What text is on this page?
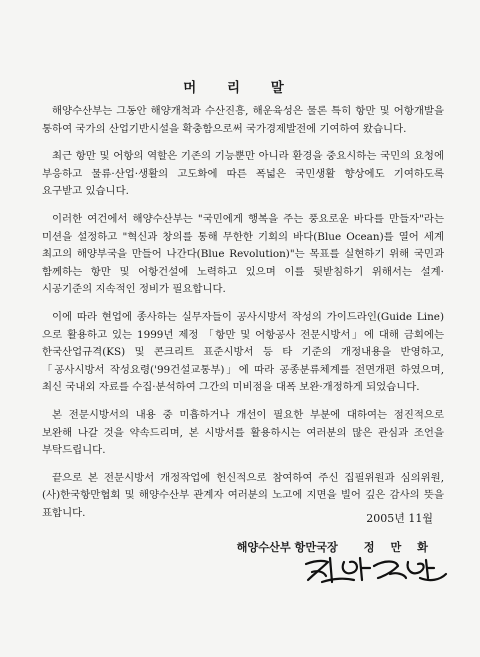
머 리 말

해양수산부는 그동안 해양개척과 수산진흥, 해운육성은 물론 특히 항만 및 어항개발을 통하여 국가의 산업기반시설을 확충함으로써 국가경제발전에 기여하여 왔습니다.

최근 항만 및 어항의 역할은 기존의 기능뿐만 아니라 환경을 중요시하는 국민의 요청에 부응하고 물류·산업·생활의 고도화에 따른 폭넓은 국민생활 향상에도 기여하도록 요구받고 있습니다.

이러한 여건에서 해양수산부는 "국민에게 행복을 주는 풍요로운 바다를 만들자"라는 미션을 설정하고 "혁신과 창의를 통해 무한한 기회의 바다(Blue Ocean)를 열어 세계 최고의 해양부국을 만들어 나간다(Blue Revolution)"는 목표를 실현하기 위해 국민과 함께하는 항만 및 어항건설에 노력하고 있으며 이를 뒷받침하기 위해서는 설계·시공기준의 지속적인 정비가 필요합니다.

이에 따라 현업에 종사하는 실무자들이 공사시방서 작성의 가이드라인(Guide Line)으로 활용하고 있는 1999년 제정 「항만 및 어항공사 전문시방서」에 대해 금회에는 한국산업규격(KS) 및 콘크리트 표준시방서 등 타 기준의 개정내용을 반영하고, 「공사시방서 작성요령('99건설교통부)」에 따라 공종분류체계를 전면개편 하였으며, 최신 국내외 자료를 수집·분석하여 그간의 미비점을 대폭 보완·개정하게 되었습니다.

본 전문시방서의 내용 중 미흡하거나 개선이 필요한 부분에 대하여는 점진적으로 보완해 나갈 것을 약속드리며, 본 시방서를 활용하시는 여러분의 많은 관심과 조언을 부탁드립니다.

끝으로 본 전문시방서 개정작업에 헌신적으로 참여하여 주신 집필위원과 심의위원, (사)한국항만협회 및 해양수산부 관계자 여러분의 노고에 지면을 빌어 깊은 감사의 뜻을 표합니다.	2005년 11월
해양수산부 항만국장 정 만 화
